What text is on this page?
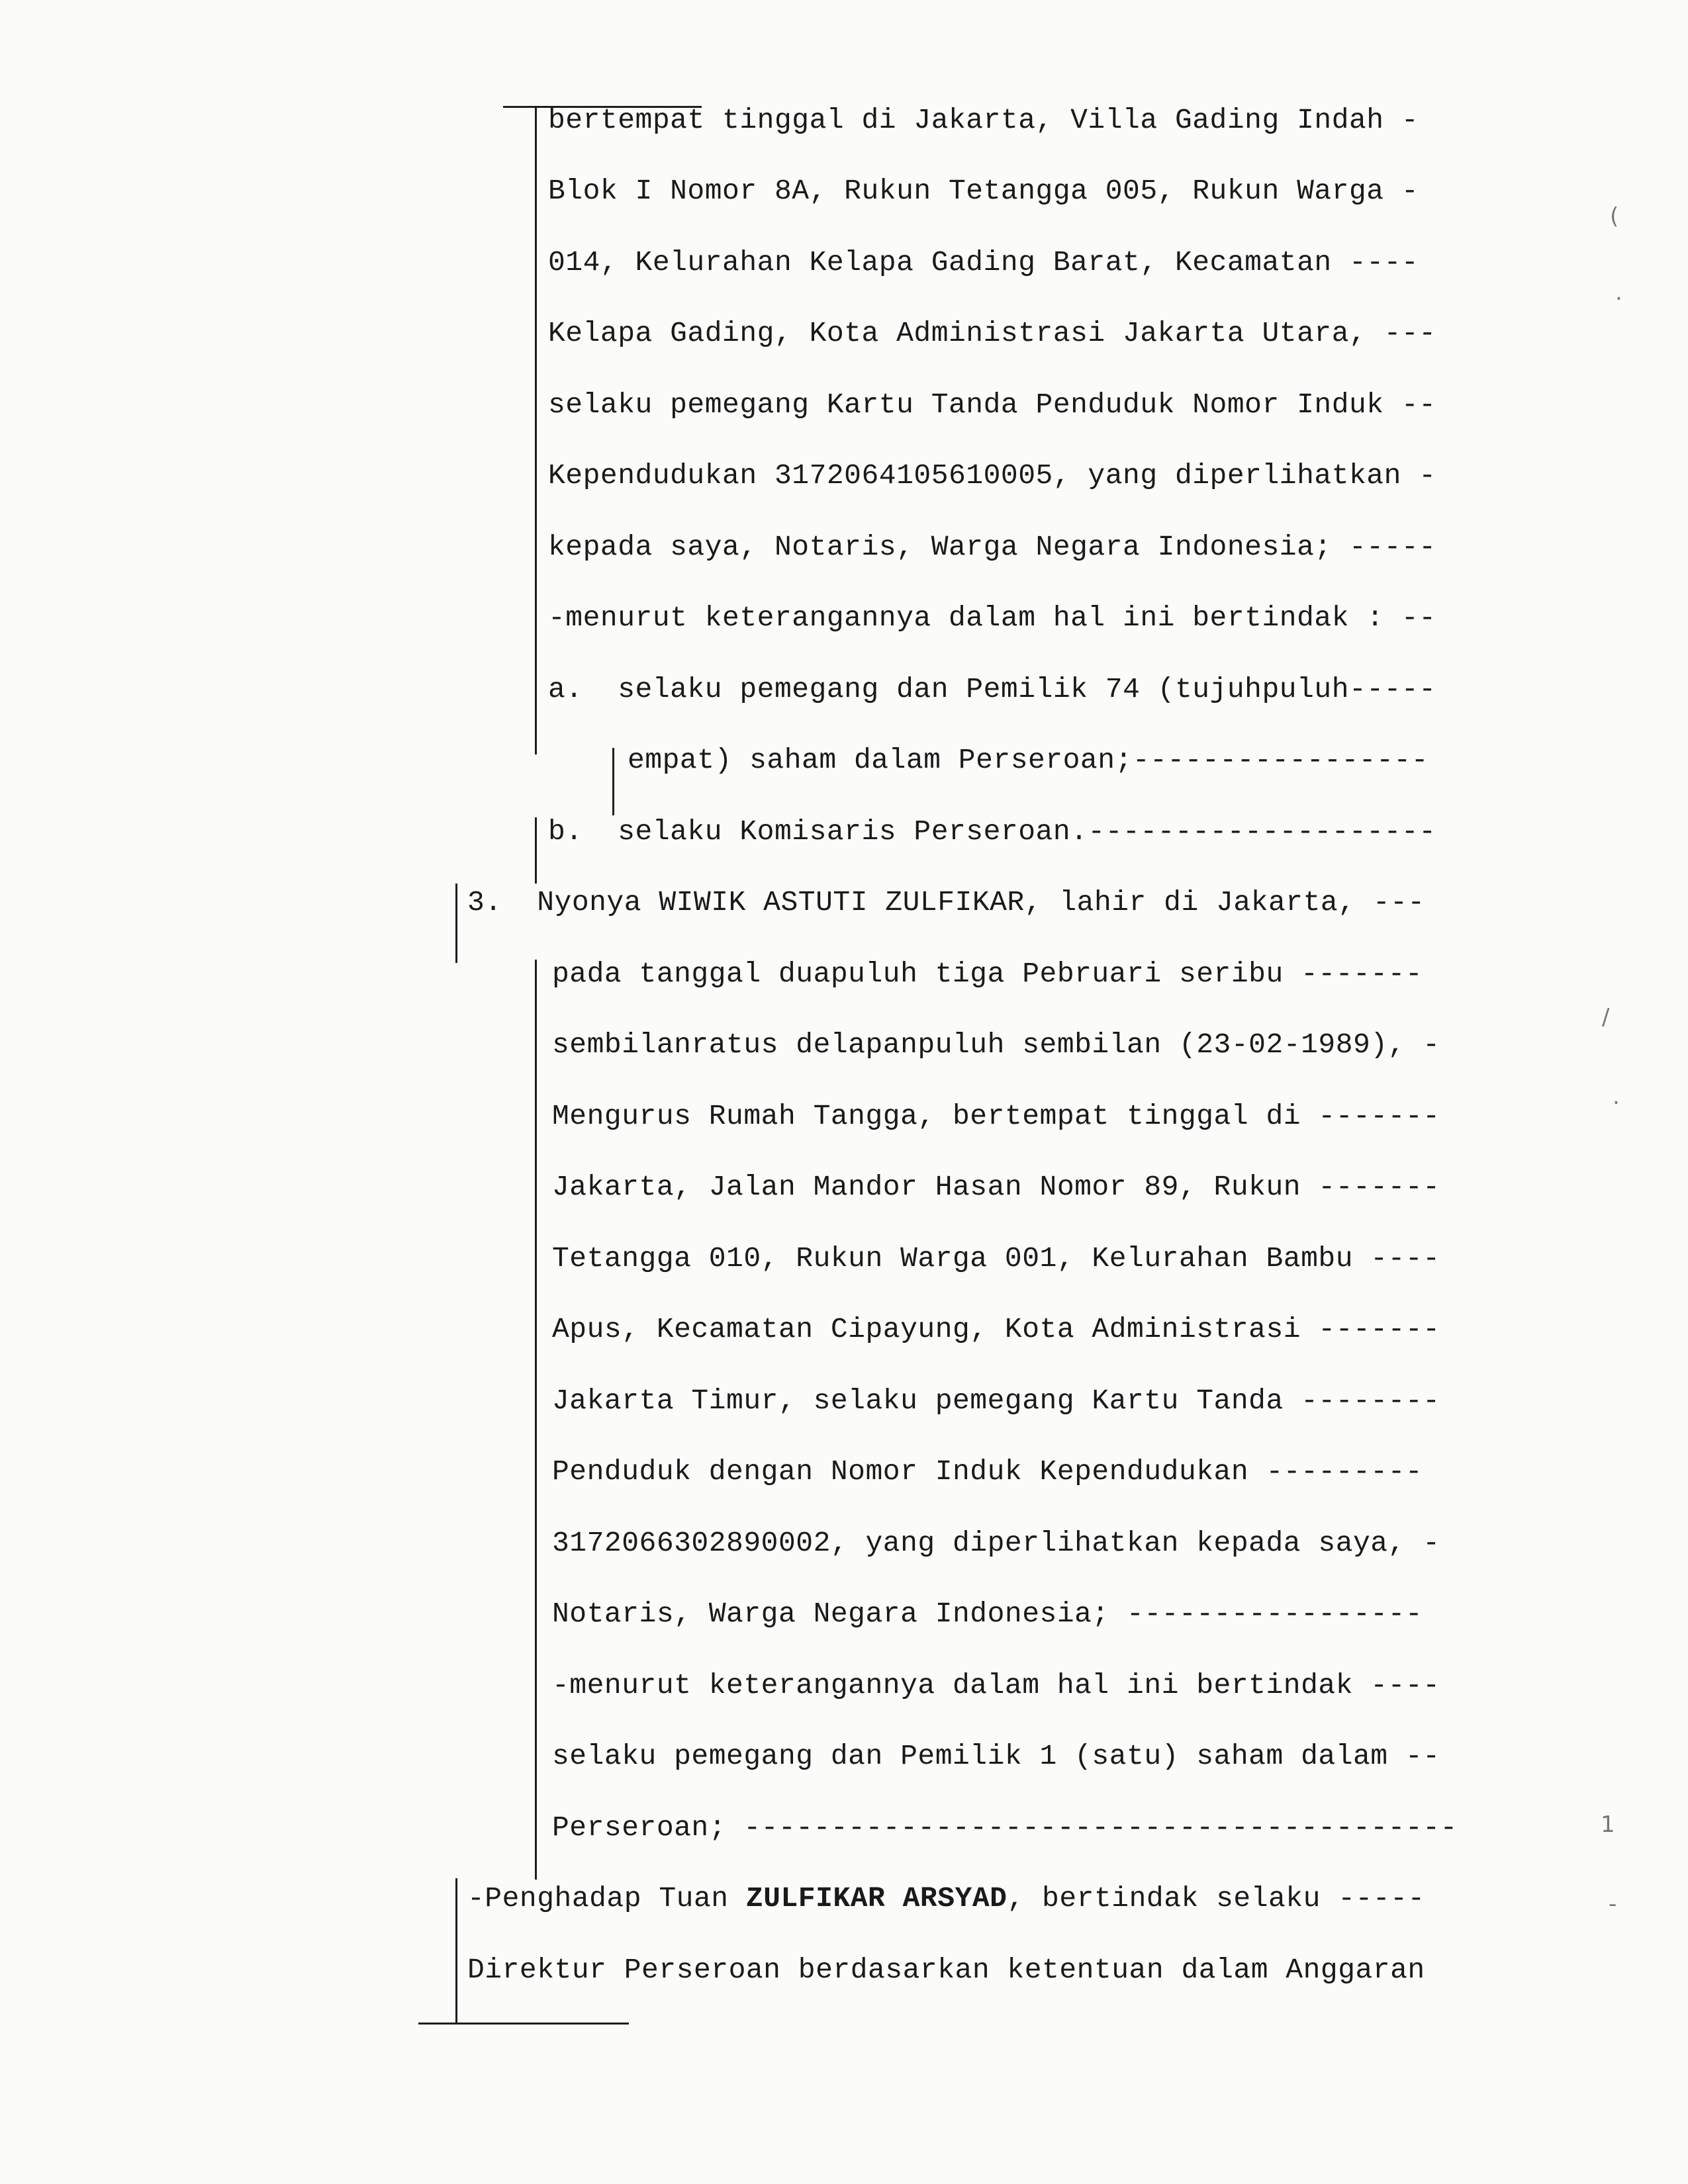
bertempat tinggal di Jakarta, Villa Gading Indah -
Blok I Nomor 8A, Rukun Tetangga 005, Rukun Warga -
014, Kelurahan Kelapa Gading Barat, Kecamatan ----
Kelapa Gading, Kota Administrasi Jakarta Utara, ---
selaku pemegang Kartu Tanda Penduduk Nomor Induk --
Kependudukan 3172064105610005, yang diperlihatkan -
kepada saya, Notaris, Warga Negara Indonesia; -----
-menurut keterangannya dalam hal ini bertindak : --
a.  selaku pemegang dan Pemilik 74 (tujuhpuluh-----
empat) saham dalam Perseroan;-----------------
b.  selaku Komisaris Perseroan.--------------------
3.  Nyonya WIWIK ASTUTI ZULFIKAR, lahir di Jakarta, ---
pada tanggal duapuluh tiga Pebruari seribu -------
sembilanratus delapanpuluh sembilan (23-02-1989), -
Mengurus Rumah Tangga, bertempat tinggal di -------
Jakarta, Jalan Mandor Hasan Nomor 89, Rukun -------
Tetangga 010, Rukun Warga 001, Kelurahan Bambu ----
Apus, Kecamatan Cipayung, Kota Administrasi -------
Jakarta Timur, selaku pemegang Kartu Tanda --------
Penduduk dengan Nomor Induk Kependudukan ---------
3172066302890002, yang diperlihatkan kepada saya, -
Notaris, Warga Negara Indonesia; -----------------
-menurut keterangannya dalam hal ini bertindak ----
selaku pemegang dan Pemilik 1 (satu) saham dalam --
Perseroan; -----------------------------------------
-Penghadap Tuan ZULFIKAR ARSYAD, bertindak selaku -----
Direktur Perseroan berdasarkan ketentuan dalam Anggaran
(
.
/
.
1
-
